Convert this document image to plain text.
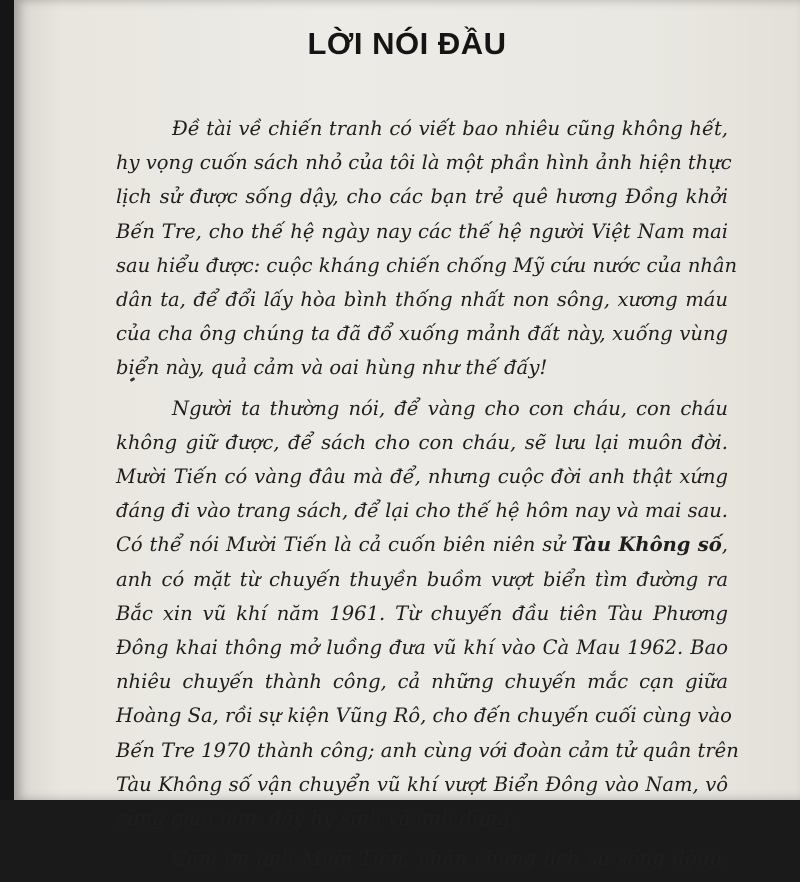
LỜI NÓI ĐẦU
Đề tài về chiến tranh có viết bao nhiêu cũng không hết,
hy vọng cuốn sách nhỏ của tôi là một phần hình ảnh hiện thực
lịch sử được sống dậy, cho các bạn trẻ quê hương Đồng khởi
Bến Tre, cho thế hệ ngày nay các thế hệ người Việt Nam mai
sau hiểu được: cuộc kháng chiến chống Mỹ cứu nước của nhân
dân ta, để đổi lấy hòa bình thống nhất non sông, xương máu
của cha ông chúng ta đã đổ xuống mảnh đất này, xuống vùng
biển này, quả cảm và oai hùng như thế đấy!
Người ta thường nói, để vàng cho con cháu, con cháu
không giữ được, để sách cho con cháu, sẽ lưu lại muôn đời.
Mười Tiến có vàng đâu mà để, nhưng cuộc đời anh thật xứng
đáng đi vào trang sách, để lại cho thế hệ hôm nay và mai sau.
Có thể nói Mười Tiến là cả cuốn biên niên sử Tàu Không số,
anh có mặt từ chuyến thuyền buồm vượt biển tìm đường ra
Bắc xin vũ khí năm 1961. Từ chuyến đầu tiên Tàu Phương
Đông khai thông mở luồng đưa vũ khí vào Cà Mau 1962. Bao
nhiêu chuyến thành công, cả những chuyến mắc cạn giữa
Hoàng Sa, rồi sự kiện Vũng Rô, cho đến chuyến cuối cùng vào
Bến Tre 1970 thành công; anh cùng với đoàn cảm tử quân trên
Tàu Không số vận chuyển vũ khí vượt Biển Đông vào Nam, vô
cùng gian nan, đầy hy sinh và anh dũng.
Cám ơn anh Mười Tiến, nhân chứng lịch sử sống động,
